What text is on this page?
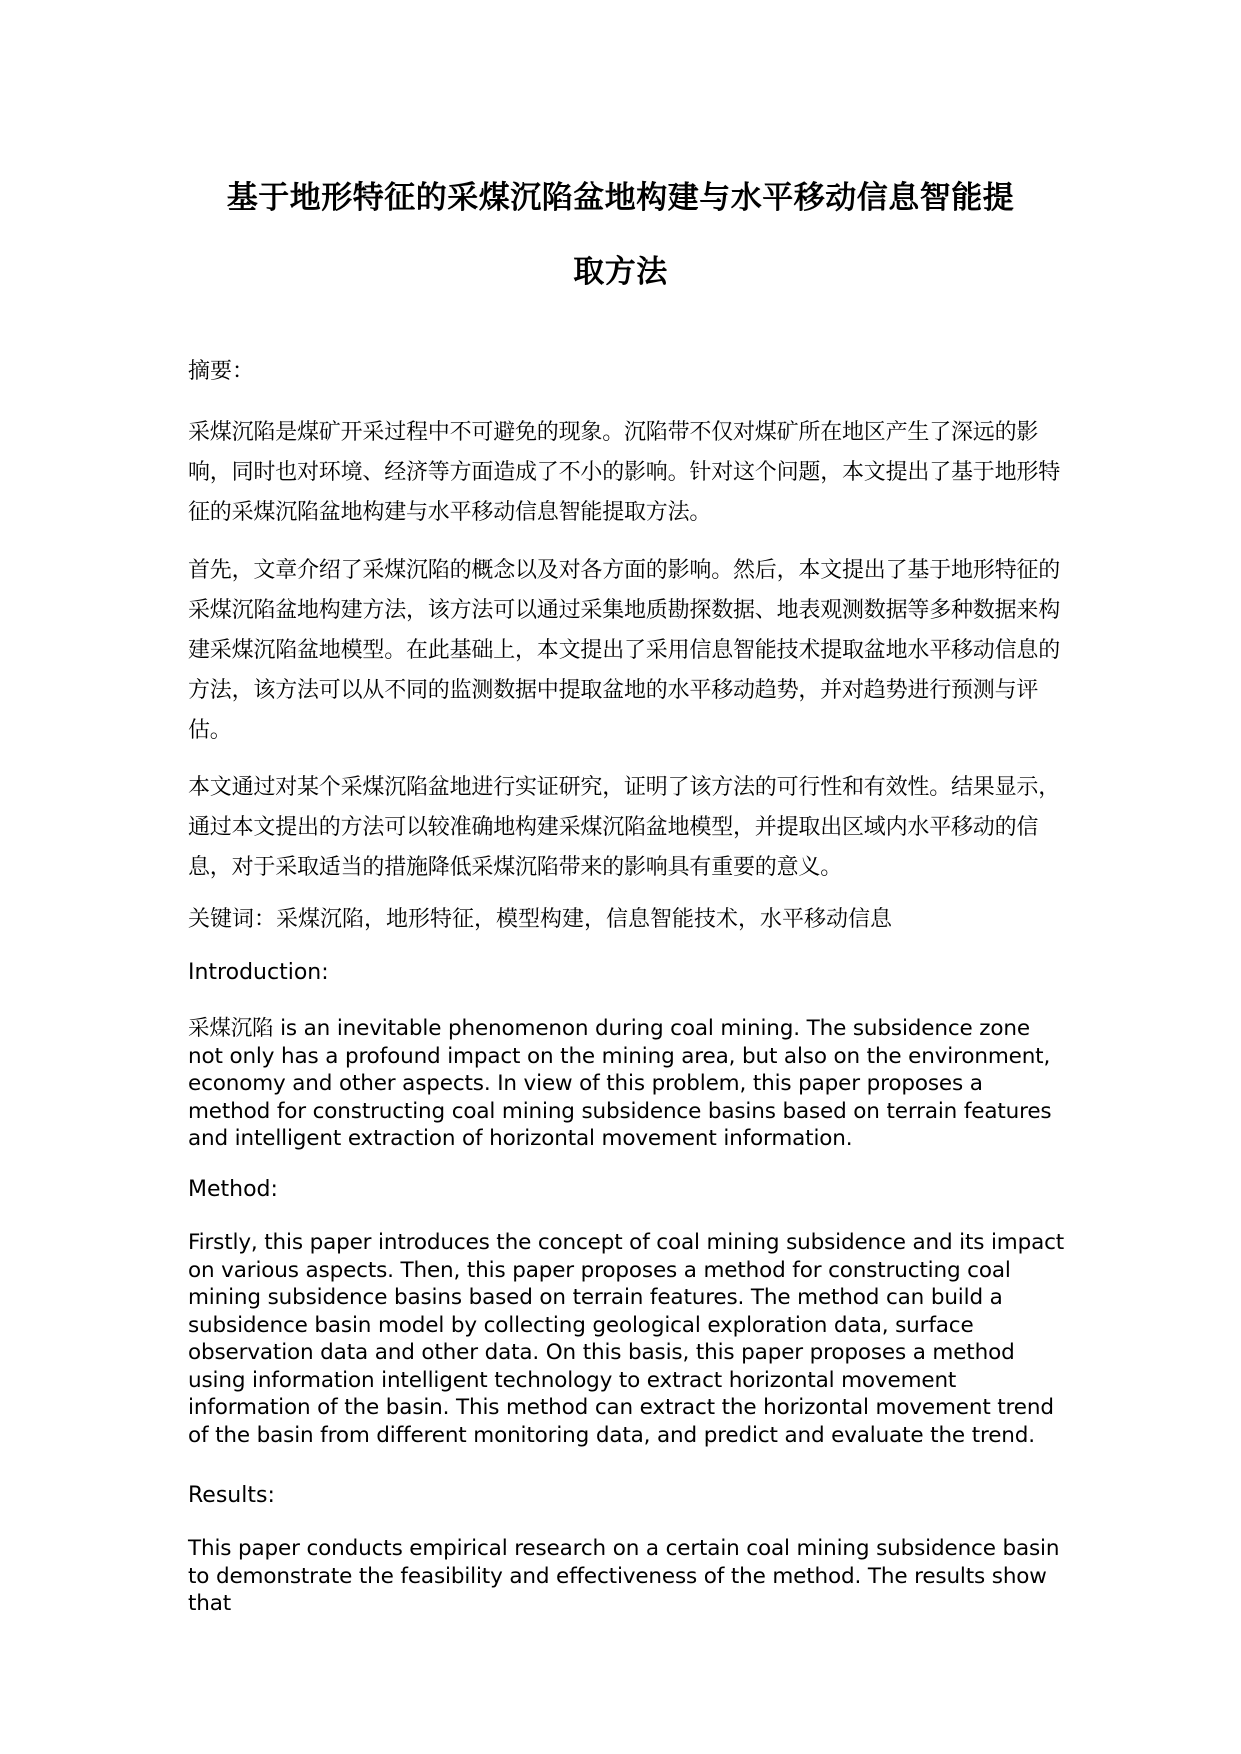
基于地形特征的采煤沉陷盆地构建与水平移动信息智能提
取方法

摘要：

采煤沉陷是煤矿开采过程中不可避免的现象。沉陷带不仅对煤矿所在地区产生了深远的影响，同时也对环境、经济等方面造成了不小的影响。针对这个问题，本文提出了基于地形特征的采煤沉陷盆地构建与水平移动信息智能提取方法。

首先，文章介绍了采煤沉陷的概念以及对各方面的影响。然后，本文提出了基于地形特征的采煤沉陷盆地构建方法，该方法可以通过采集地质勘探数据、地表观测数据等多种数据来构建采煤沉陷盆地模型。在此基础上，本文提出了采用信息智能技术提取盆地水平移动信息的方法，该方法可以从不同的监测数据中提取盆地的水平移动趋势，并对趋势进行预测与评估。

本文通过对某个采煤沉陷盆地进行实证研究，证明了该方法的可行性和有效性。结果显示，通过本文提出的方法可以较准确地构建采煤沉陷盆地模型，并提取出区域内水平移动的信息，对于采取适当的措施降低采煤沉陷带来的影响具有重要的意义。

关键词：采煤沉陷，地形特征，模型构建，信息智能技术，水平移动信息

Introduction:

采煤沉陷 is an inevitable phenomenon during coal mining. The subsidence zone not only has a profound impact on the mining area, but also on the environment, economy and other aspects. In view of this problem, this paper proposes a method for constructing coal mining subsidence basins based on terrain features and intelligent extraction of horizontal movement information.

Method:

Firstly, this paper introduces the concept of coal mining subsidence and its impact on various aspects. Then, this paper proposes a method for constructing coal mining subsidence basins based on terrain features. The method can build a subsidence basin model by collecting geological exploration data, surface observation data and other data. On this basis, this paper proposes a method using information intelligent technology to extract horizontal movement information of the basin. This method can extract the horizontal movement trend of the basin from different monitoring data, and predict and evaluate the trend.

Results:

This paper conducts empirical research on a certain coal mining subsidence basin to demonstrate the feasibility and effectiveness of the method. The results show that
